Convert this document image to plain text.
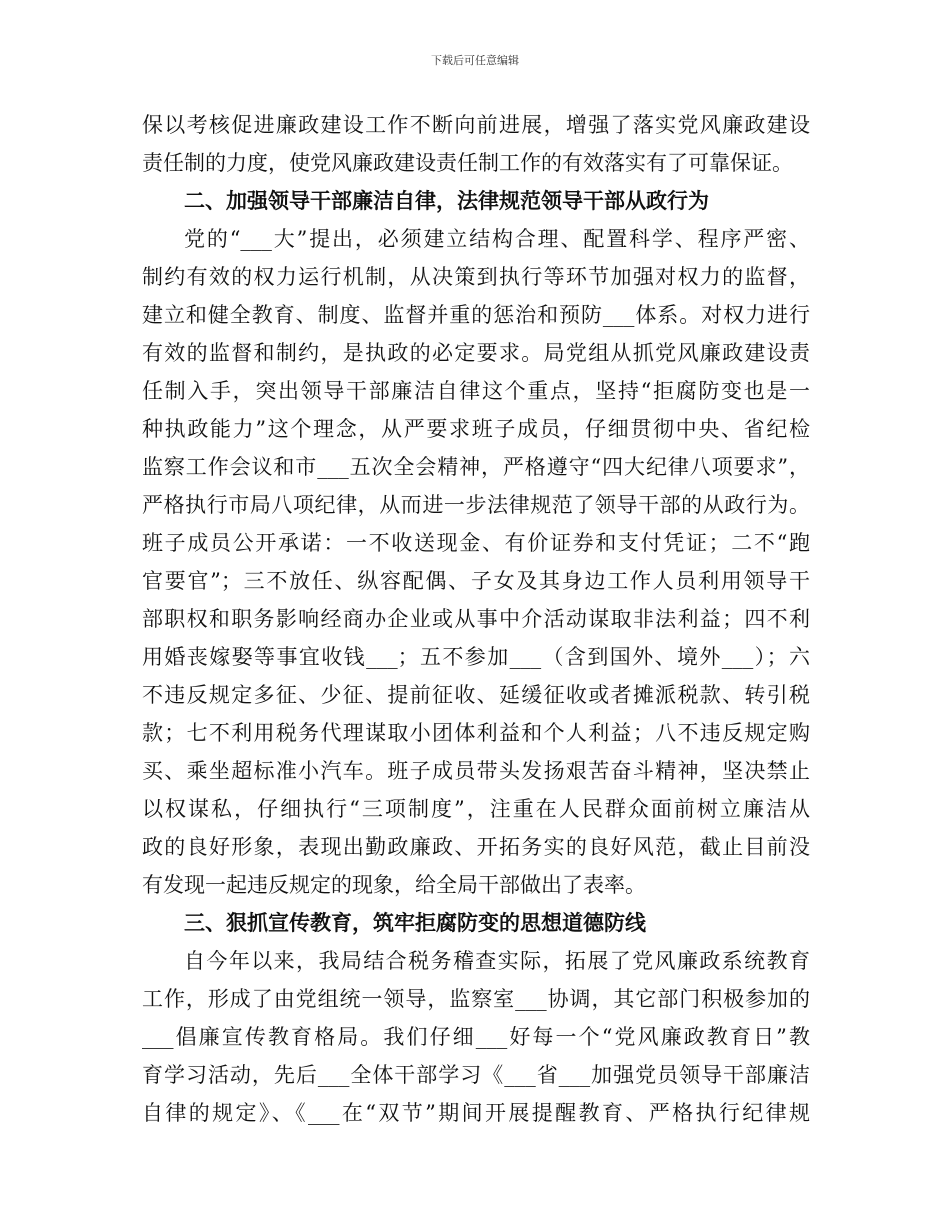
下载后可任意编辑
保以考核促进廉政建设工作不断向前进展，增强了落实党风廉政建设
责任制的力度，使党风廉政建设责任制工作的有效落实有了可靠保证。
二、加强领导干部廉洁自律，法律规范领导干部从政行为
党的“___大”提出，必须建立结构合理、配置科学、程序严密、
制约有效的权力运行机制，从决策到执行等环节加强对权力的监督，
建立和健全教育、制度、监督并重的惩治和预防___体系。对权力进行
有效的监督和制约，是执政的必定要求。局党组从抓党风廉政建设责
任制入手，突出领导干部廉洁自律这个重点，坚持“拒腐防变也是一
种执政能力”这个理念，从严要求班子成员，仔细贯彻中央、省纪检
监察工作会议和市___五次全会精神，严格遵守“四大纪律八项要求”，
严格执行市局八项纪律，从而进一步法律规范了领导干部的从政行为。
班子成员公开承诺：一不收送现金、有价证券和支付凭证；二不“跑
官要官”；三不放任、纵容配偶、子女及其身边工作人员利用领导干
部职权和职务影响经商办企业或从事中介活动谋取非法利益；四不利
用婚丧嫁娶等事宜收钱___；五不参加___（含到国外、境外___）；六
不违反规定多征、少征、提前征收、延缓征收或者摊派税款、转引税
款；七不利用税务代理谋取小团体利益和个人利益；八不违反规定购
买、乘坐超标准小汽车。班子成员带头发扬艰苦奋斗精神，坚决禁止
以权谋私，仔细执行“三项制度”，注重在人民群众面前树立廉洁从
政的良好形象，表现出勤政廉政、开拓务实的良好风范，截止目前没
有发现一起违反规定的现象，给全局干部做出了表率。
三、狠抓宣传教育，筑牢拒腐防变的思想道德防线
自今年以来，我局结合税务稽查实际，拓展了党风廉政系统教育
工作，形成了由党组统一领导，监察室___协调，其它部门积极参加的
___倡廉宣传教育格局。我们仔细___好每一个“党风廉政教育日”教
育学习活动，先后___全体干部学习《___省___加强党员领导干部廉洁
自律的规定》、《___在“双节”期间开展提醒教育、严格执行纪律规
